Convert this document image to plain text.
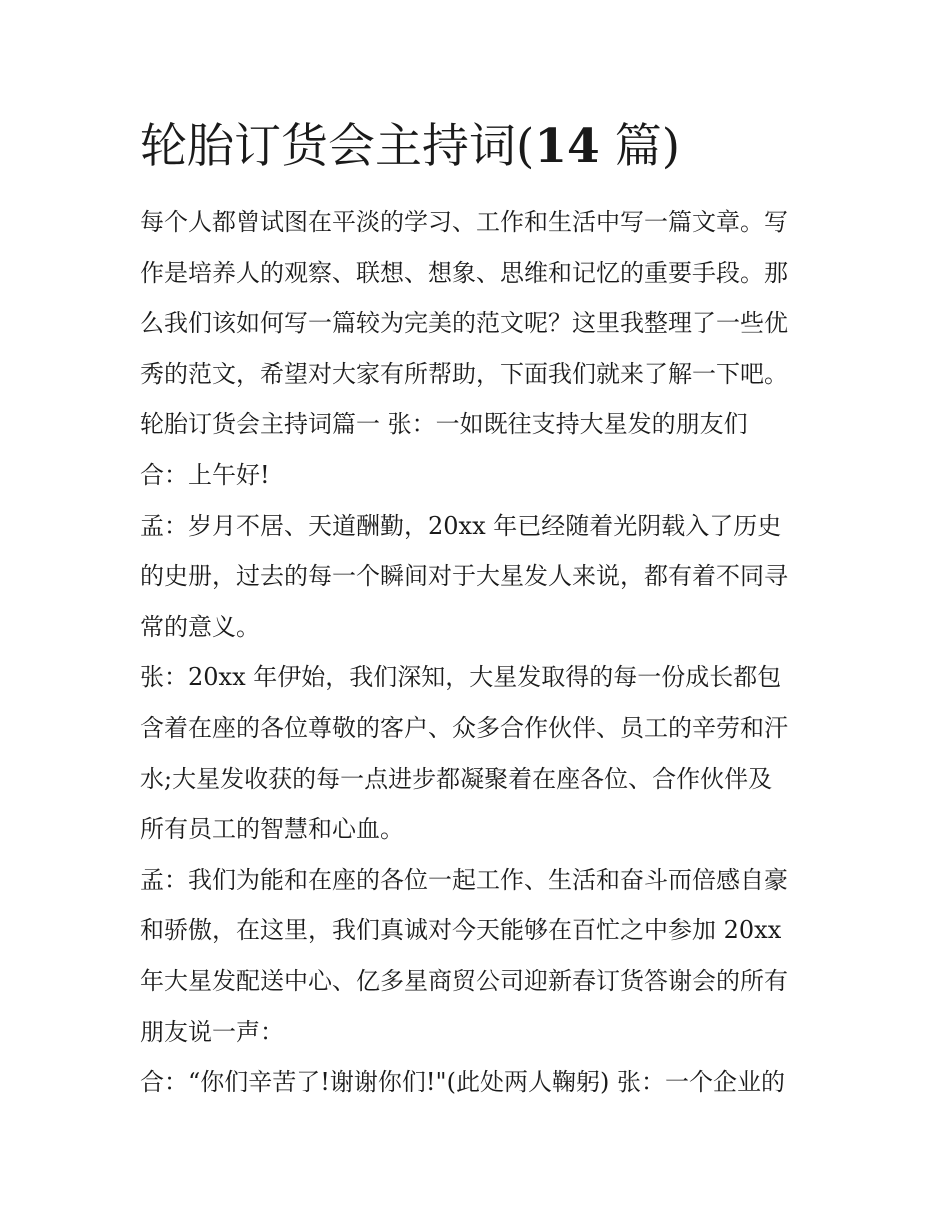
轮胎订货会主持词(14 篇)

每个人都曾试图在平淡的学习、工作和生活中写一篇文章。写

作是培养人的观察、联想、想象、思维和记忆的重要手段。那

么我们该如何写一篇较为完美的范文呢？这里我整理了一些优

秀的范文，希望对大家有所帮助，下面我们就来了解一下吧。

轮胎订货会主持词篇一 张：一如既往支持大星发的朋友们

合：上午好!

孟：岁月不居、天道酬勤，20xx 年已经随着光阴载入了历史

的史册，过去的每一个瞬间对于大星发人来说，都有着不同寻

常的意义。

张：20xx 年伊始，我们深知，大星发取得的每一份成长都包

含着在座的各位尊敬的客户、众多合作伙伴、员工的辛劳和汗

水;大星发收获的每一点进步都凝聚着在座各位、合作伙伴及

所有员工的智慧和心血。

孟：我们为能和在座的各位一起工作、生活和奋斗而倍感自豪

和骄傲，在这里，我们真诚对今天能够在百忙之中参加 20xx

年大星发配送中心、亿多星商贸公司迎新春订货答谢会的所有

朋友说一声：

合：“你们辛苦了!谢谢你们!"(此处两人鞠躬) 张：一个企业的
